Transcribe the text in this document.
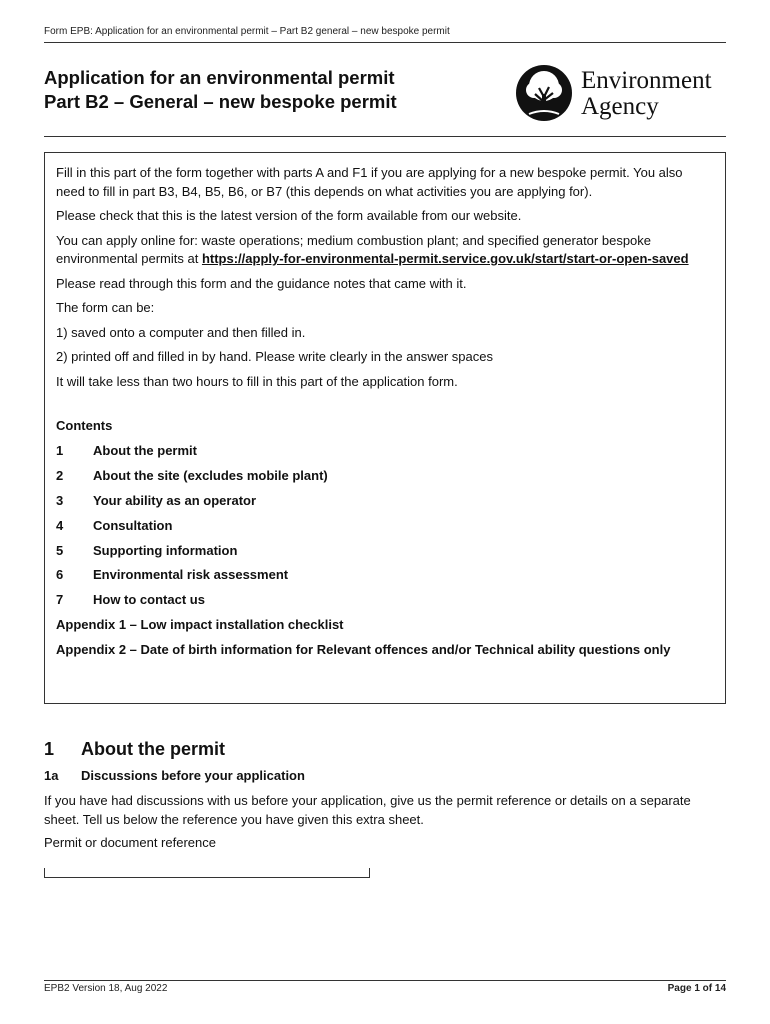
Form EPB: Application for an environmental permit – Part B2 general – new bespoke permit
Application for an environmental permit
Part B2 – General – new bespoke permit
Environment
Agency

Fill in this part of the form together with parts A and F1 if you are applying for a new bespoke permit. You also need to fill in part B3, B4, B5, B6, or B7 (this depends on what activities you are applying for).

Please check that this is the latest version of the form available from our website.

You can apply online for: waste operations; medium combustion plant; and specified generator bespoke environmental permits at https://apply-for-environmental-permit.service.gov.uk/start/start-or-open-saved

Please read through this form and the guidance notes that came with it.

The form can be:

1) saved onto a computer and then filled in.

2) printed off and filled in by hand. Please write clearly in the answer spaces

It will take less than two hours to fill in this part of the application form.

Contents
1	About the permit
2	About the site (excludes mobile plant)
3	Your ability as an operator
4	Consultation
5	Supporting information
6	Environmental risk assessment
7	How to contact us
Appendix 1 – Low impact installation checklist
Appendix 2 – Date of birth information for Relevant offences and/or Technical ability questions only
1	About the permit
1a	Discussions before your application
If you have had discussions with us before your application, give us the permit reference or details on a separate sheet. Tell us below the reference you have given this extra sheet.
Permit or document reference
EPB2 Version 18, Aug 2022	Page 1 of 14
